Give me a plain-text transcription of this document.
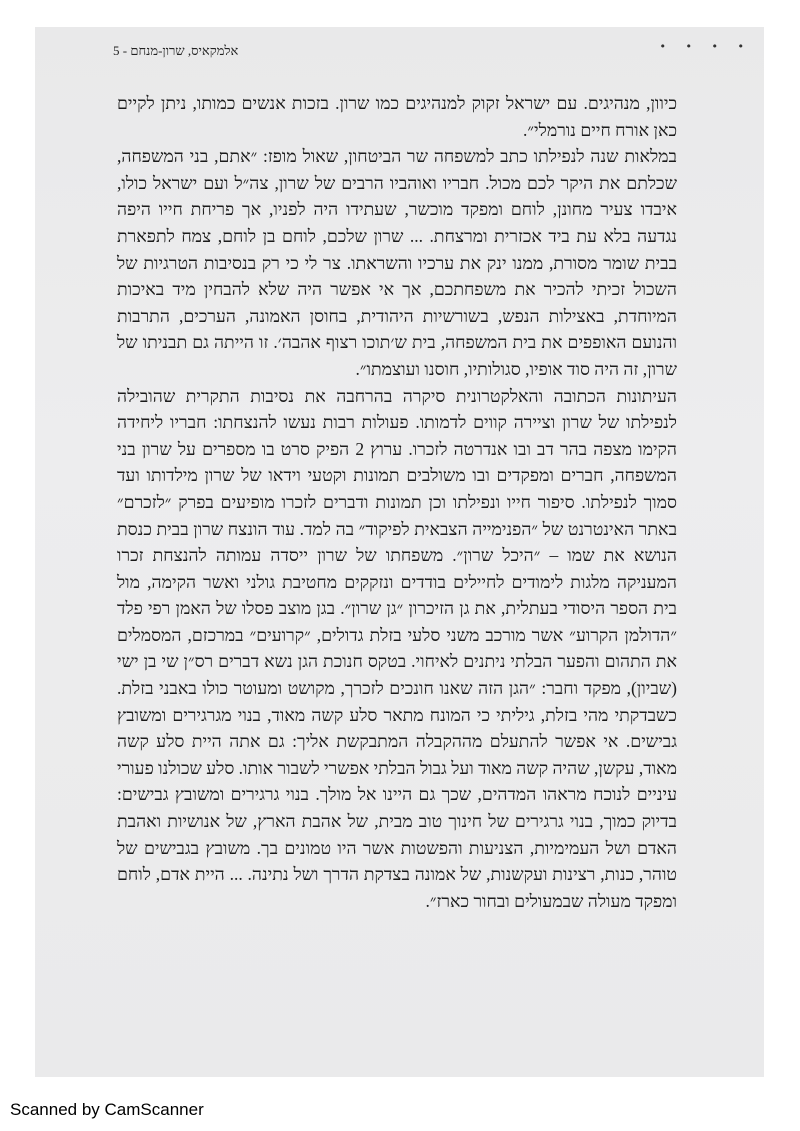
• • • •
אלמקאיס, שרון-מנחם - 5

כיוון, מנהיגים. עם ישראל זקוק למנהיגים כמו שרון. בזכות אנשים כמותו, ניתן לקיים כאן אורח חיים נורמלי״.

במלאות שנה לנפילתו כתב למשפחה שר הביטחון, שאול מופז: ״אתם, בני המשפחה, שכלתם את היקר לכם מכול. חבריו ואוהביו הרבים של שרון, צה״ל ועם ישראל כולו, איבדו צעיר מחונן, לוחם ומפקד מוכשר, שעתידו היה לפניו, אך פריחת חייו היפה נגדעה בלא עת ביד אכזרית ומרצחת. ... שרון שלכם, לוחם בן לוחם, צמח לתפארת בבית שומר מסורת, ממנו ינק את ערכיו והשראתו. צר לי כי רק בנסיבות הטרגיות של השכול זכיתי להכיר את משפחתכם, אך אי אפשר היה שלא להבחין מיד באיכות המיוחדת, באצילות הנפש, בשורשיות היהודית, בחוסן האמונה, הערכים, התרבות והנועם האופפים את בית המשפחה, בית ש׳תוכו רצוף אהבה׳. זו הייתה גם תבניתו של שרון, זה היה סוד אופיו, סגולותיו, חוסנו ועוצמתו״.

העיתונות הכתובה והאלקטרונית סיקרה בהרחבה את נסיבות התקרית שהובילה לנפילתו של שרון וציירה קווים לדמותו. פעולות רבות נעשו להנצחתו: חבריו ליחידה הקימו מצפה בהר דב ובו אנדרטה לזכרו. ערוץ 2 הפיק סרט בו מספרים על שרון בני המשפחה, חברים ומפקדים ובו משולבים תמונות וקטעי וידאו של שרון מילדותו ועד סמוך לנפילתו. סיפור חייו ונפילתו וכן תמונות ודברים לזכרו מופיעים בפרק ״לזכרם״ באתר האינטרנט של ״הפנימייה הצבאית לפיקוד״ בה למד. עוד הונצח שרון בבית כנסת הנושא את שמו – ״היכל שרון״. משפחתו של שרון ייסדה עמותה להנצחת זכרו המעניקה מלגות לימודים לחיילים בודדים ונזקקים מחטיבת גולני ואשר הקימה, מול בית הספר היסודי בעתלית, את גן הזיכרון ״גן שרון״. בגן מוצב פסלו של האמן רפי פלד ״הדולמן הקרוע״ אשר מורכב משני סלעי בזלת גדולים, ״קרועים״ במרכזם, המסמלים את התהום והפער הבלתי ניתנים לאיחוי. בטקס חנוכת הגן נשא דברים רס״ן שי בן ישי (שביון), מפקד וחבר: ״הגן הזה שאנו חונכים לזכרך, מקושט ומעוטר כולו באבני בזלת. כשבדקתי מהי בזלת, גיליתי כי המונח מתאר סלע קשה מאוד, בנוי מגרגירים ומשובץ גבישים. אי אפשר להתעלם מההקבלה המתבקשת אליך: גם אתה היית סלע קשה מאוד, עקשן, שהיה קשה מאוד ועל גבול הבלתי אפשרי לשבור אותו. סלע שכולנו פעורי עיניים לנוכח מראהו המדהים, שכך גם היינו אל מולך. בנוי גרגירים ומשובץ גבישים: בדיוק כמוך, בנוי גרגירים של חינוך טוב מבית, של אהבת הארץ, של אנושיות ואהבת האדם ושל העמימיות, הצניעות והפשטות אשר היו טמונים בך. משובץ בגבישים של טוהר, כנות, רצינות ועקשנות, של אמונה בצדקת הדרך ושל נתינה. ... היית אדם, לוחם ומפקד מעולה שבמעולים ובחור כארז״.

Scanned by CamScanner
